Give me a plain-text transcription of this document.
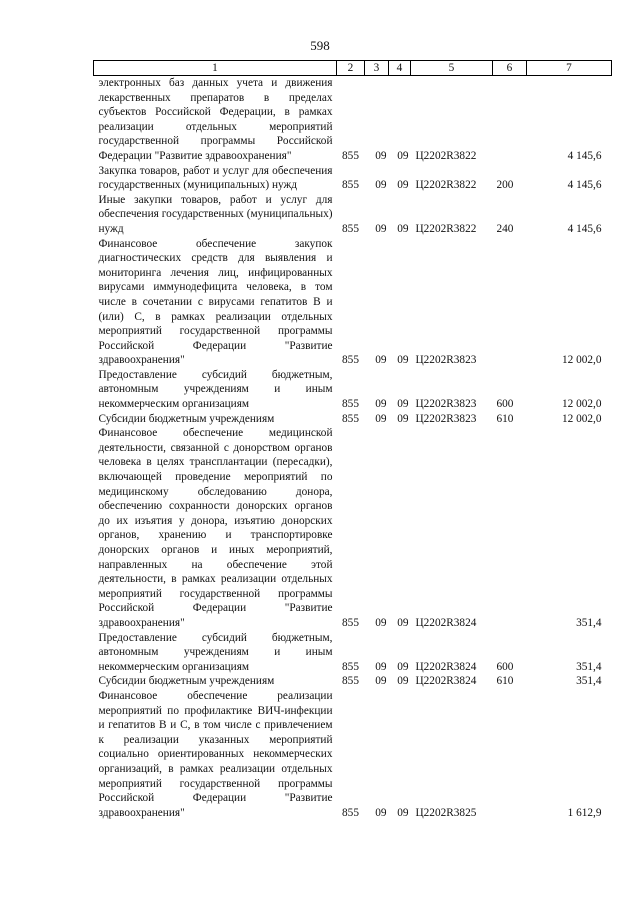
598
1	2	3	4	5	6	7
электронных баз данных учета и движения лекарственных препаратов в пределах субъектов Российской Федерации, в рамках реализации отдельных мероприятий государственной программы Российской Федерации "Развитие здравоохранения"	855	09	09	Ц2202R3822		4 145,6
Закупка товаров, работ и услуг для обеспечения государственных (муниципальных) нужд	855	09	09	Ц2202R3822	200	4 145,6
Иные закупки товаров, работ и услуг для обеспечения государственных (муниципальных) нужд	855	09	09	Ц2202R3822	240	4 145,6
Финансовое обеспечение закупок диагностических средств для выявления и мониторинга лечения лиц, инфицированных вирусами иммунодефицита человека, в том числе в сочетании с вирусами гепатитов В и (или) С, в рамках реализации отдельных мероприятий государственной программы Российской Федерации "Развитие здравоохранения"	855	09	09	Ц2202R3823		12 002,0
Предоставление субсидий бюджетным, автономным учреждениям и иным некоммерческим организациям	855	09	09	Ц2202R3823	600	12 002,0
Субсидии бюджетным учреждениям	855	09	09	Ц2202R3823	610	12 002,0
Финансовое обеспечение медицинской деятельности, связанной с донорством органов человека в целях трансплантации (пересадки), включающей проведение мероприятий по медицинскому обследованию донора, обеспечению сохранности донорских органов до их изъятия у донора, изъятию донорских органов, хранению и транспортировке донорских органов и иных мероприятий, направленных на обеспечение этой деятельности, в рамках реализации отдельных мероприятий государственной программы Российской Федерации "Развитие здравоохранения"	855	09	09	Ц2202R3824		351,4
Предоставление субсидий бюджетным, автономным учреждениям и иным некоммерческим организациям	855	09	09	Ц2202R3824	600	351,4
Субсидии бюджетным учреждениям	855	09	09	Ц2202R3824	610	351,4
Финансовое обеспечение реализации мероприятий по профилактике ВИЧ-инфекции и гепатитов В и С, в том числе с привлечением к реализации указанных мероприятий социально ориентированных некоммерческих организаций, в рамках реализации отдельных мероприятий государственной программы Российской Федерации "Развитие здравоохранения"	855	09	09	Ц2202R3825		1 612,9
